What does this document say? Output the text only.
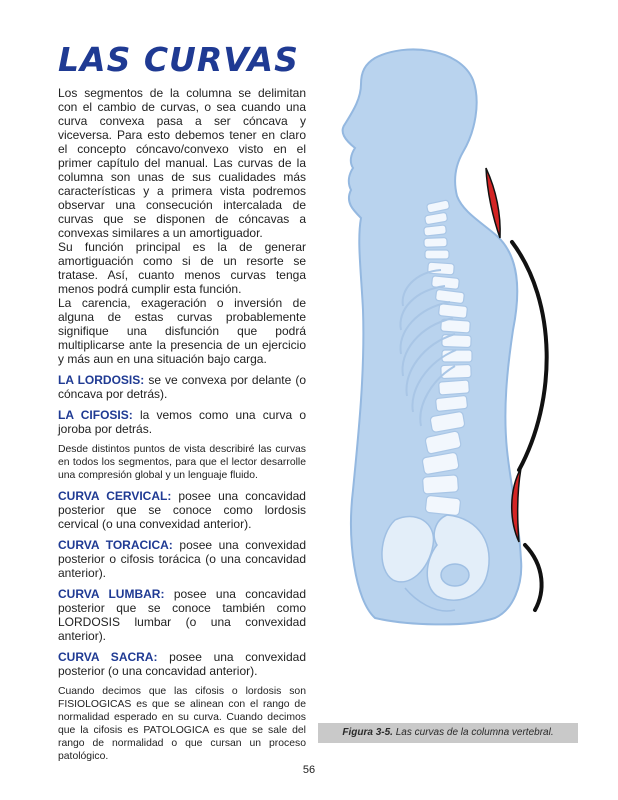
LAS CURVAS

Los segmentos de la columna se delimitan con el cambio de curvas, o sea cuando una curva convexa pasa a ser cóncava y viceversa. Para esto debemos tener en claro el concepto cóncavo/convexo visto en el primer capítulo del manual. Las curvas de la columna son unas de sus cualidades más características y a primera vista podremos observar una consecución intercalada de curvas que se disponen de cóncavas a convexas similares a un amortiguador.

Su función principal es la de generar amortiguación como si de un resorte se tratase. Así, cuanto menos curvas tenga menos podrá cumplir esta función.

La carencia, exageración o inversión de alguna de estas curvas probablemente signifique una disfunción que podrá multiplicarse ante la presencia de un ejercicio y más aun en una situación bajo carga.

LA LORDOSIS: se ve convexa por delante (o cóncava por detrás).

LA CIFOSIS: la vemos como una curva o joroba por detrás.

Desde distintos puntos de vista describiré las curvas en todos los segmentos, para que el lector desarrolle una compresión global y un lenguaje fluido.

CURVA CERVICAL: posee una concavidad posterior que se conoce como lordosis cervical (o una convexidad anterior).

CURVA TORACICA: posee una convexidad posterior o cifosis torácica (o una concavidad anterior).

CURVA LUMBAR: posee una concavidad posterior que se conoce también como LORDOSIS lumbar (o una convexidad anterior).

CURVA SACRA: posee una convexidad posterior (o una concavidad anterior).

Cuando decimos que las cifosis o lordosis son FISIOLOGICAS es que se alinean con el rango de normalidad esperado en su curva. Cuando decimos que la cifosis es PATOLOGICA es que se sale del rango de normalidad o que cursan un proceso patológico.

Figura 3-5. Las curvas de la columna vertebral.
56
